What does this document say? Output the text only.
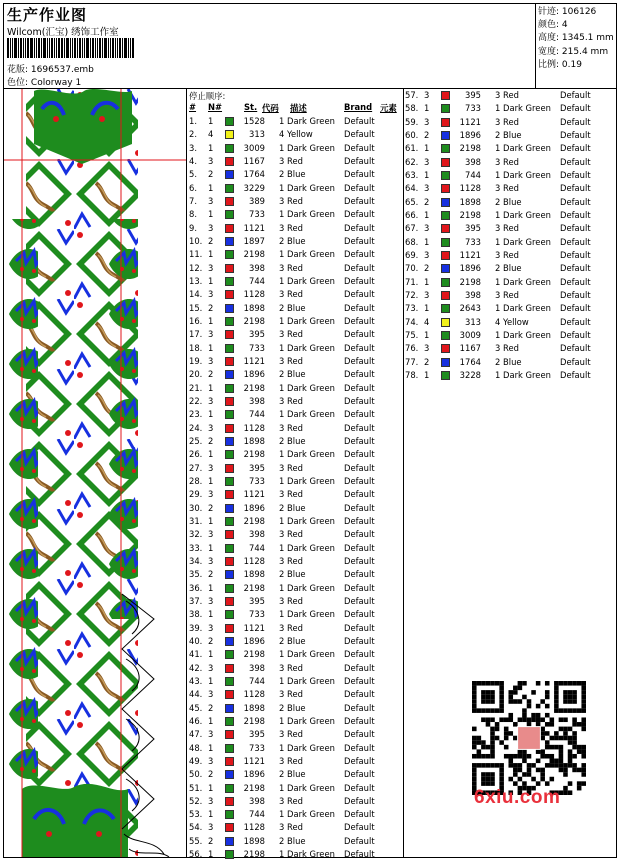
生产作业图
Wilcom(汇宝) 绣饰工作室
花版: 1696537.emb
色位: Colorway 1
针迹: 106126
颜色: 4
高度: 1345.1 mm
宽度: 215.4 mm
比例: 0.19
停止顺序:
# N#	St. 代码 描述	Brand 元素
1. 1	1528 1 Dark Green Default
2. 4	313 4 Yellow	Default
3. 1	3009 1 Dark Green Default
4. 3	1167 3 Red	Default
5. 2	1764 2 Blue	Default
6. 1	3229 1 Dark Green Default
7. 3	389 3 Red	Default
8. 1	733 1 Dark Green Default
9. 3	1121 3 Red	Default
10. 2	1897 2 Blue	Default
11. 1	2198 1 Dark Green Default
12. 3	398 3 Red	Default
13. 1	744 1 Dark Green Default
14. 3	1128 3 Red	Default
15. 2	1898 2 Blue	Default
16. 1	2198 1 Dark Green Default
17. 3	395 3 Red	Default
18. 1	733 1 Dark Green Default
19. 3	1121 3 Red	Default
20. 2	1896 2 Blue	Default
21. 1	2198 1 Dark Green Default
22. 3	398 3 Red	Default
23. 1	744 1 Dark Green Default
24. 3	1128 3 Red	Default
25. 2	1898 2 Blue	Default
26. 1	2198 1 Dark Green Default
27. 3	395 3 Red	Default
28. 1	733 1 Dark Green Default
29. 3	1121 3 Red	Default
30. 2	1896 2 Blue	Default
31. 1	2198 1 Dark Green Default
32. 3	398 3 Red	Default
33. 1	744 1 Dark Green Default
34. 3	1128 3 Red	Default
35. 2	1898 2 Blue	Default
36. 1	2198 1 Dark Green Default
37. 3	395 3 Red	Default
38. 1	733 1 Dark Green Default
39. 3	1121 3 Red	Default
40. 2	1896 2 Blue	Default
41. 1	2198 1 Dark Green Default
42. 3	398 3 Red	Default
43. 1	744 1 Dark Green Default
44. 3	1128 3 Red	Default
45. 2	1898 2 Blue	Default
46. 1	2198 1 Dark Green Default
47. 3	395 3 Red	Default
48. 1	733 1 Dark Green Default
49. 3	1121 3 Red	Default
50. 2	1896 2 Blue	Default
51. 1	2198 1 Dark Green Default
52. 3	398 3 Red	Default
53. 1	744 1 Dark Green Default
54. 3	1128 3 Red	Default
55. 2	1898 2 Blue	Default
56. 1	2198 1 Dark Green Default
57. 3	395 3 Red	Default
58. 1	733 1 Dark Green Default
59. 3	1121 3 Red	Default
60. 2	1896 2 Blue	Default
61. 1	2198 1 Dark Green Default
62. 3	398 3 Red	Default
63. 1	744 1 Dark Green Default
64. 3	1128 3 Red	Default
65. 2	1898 2 Blue	Default
66. 1	2198 1 Dark Green Default
67. 3	395 3 Red	Default
68. 1	733 1 Dark Green Default
69. 3	1121 3 Red	Default
70. 2	1896 2 Blue	Default
71. 1	2198 1 Dark Green Default
72. 3	398 3 Red	Default
73. 1	2643 1 Dark Green Default
74. 4	313 4 Yellow	Default
75. 1	3009 1 Dark Green Default
76. 3	1167 3 Red	Default
77. 2	1764 2 Blue	Default
78. 1	3228 1 Dark Green Default
6xiu.com
